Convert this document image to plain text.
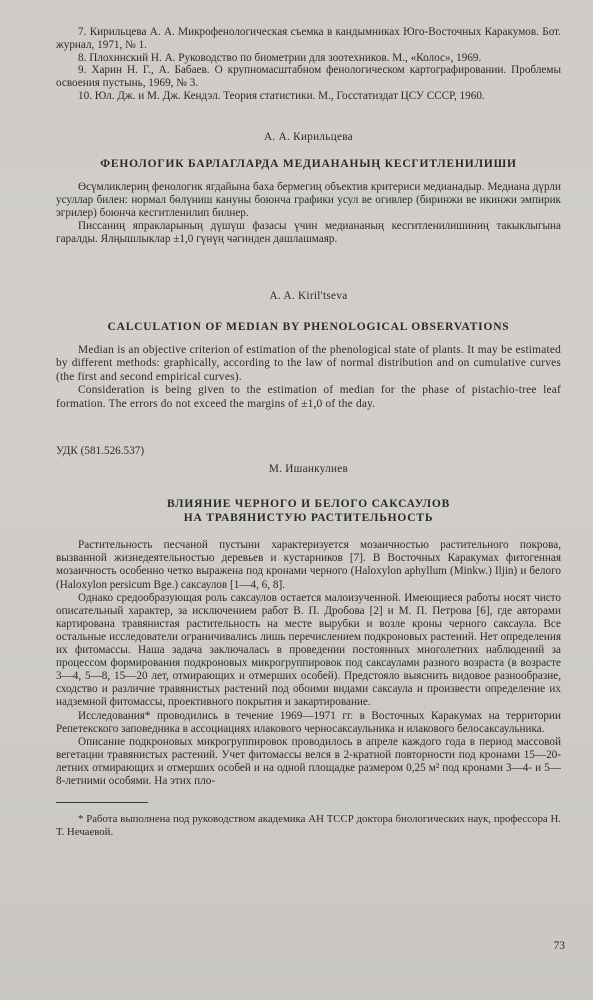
7. Кирильцева А. А. Микрофенологическая съемка в кандымниках Юго-Восточных Каракумов. Бот. журнал, 1971, № 1.

8. Плохинский Н. А. Руководство по биометрии для зоотехников. М., «Колос», 1969.

9. Харин Н. Г., А. Бабаев. О крупномасштабном фенологическом картографировании. Проблемы освоения пустынь, 1969, № 3.

10. Юл. Дж. и М. Дж. Кендэл. Теория статистики. М., Госстатиздат ЦСУ СССР, 1960.

А. А. Кирильцева

ФЕНОЛОГИК БАРЛАГЛАРДА МЕДИАНАНЫҢ КЕСГИТЛЕНИЛИШИ

Өсүмликлериң фенологик ягдайына баха бермегиң объектив критериси медианадыр. Медиана дүрли усуллар билен: нормал бөлүниш кануны боюнча графики усул ве огивлер (биринжи ве икинжи эмпирик эгрилер) боюнча кесгитленилип билнер.

Писсаниң япракларының дүшүш фазасы үчин медиананың кесгитленилишиниң такыклыгына гаралды. Ялңышлыклар ±1,0 гүнүң чәгинден дашлашмаяр.

A. A. Kiril'tseva

CALCULATION OF MEDIAN BY PHENOLOGICAL OBSERVATIONS

Median is an objective criterion of estimation of the phenological state of plants. It may be estimated by different methods: graphically, according to the law of normal distribution and on cumulative curves (the first and second empirical curves).

Consideration is being given to the estimation of median for the phase of pistachio-tree leaf formation. The errors do not exceed the margins of ±1,0 of the day.

УДК (581.526.537)

М. Ишанкулиев

ВЛИЯНИЕ ЧЕРНОГО И БЕЛОГО САКСАУЛОВ

НА ТРАВЯНИСТУЮ РАСТИТЕЛЬНОСТЬ

Растительность песчаной пустыни характеризуется мозаичностью растительного покрова, вызванной жизнедеятельностью деревьев и кустарников [7]. В Восточных Каракумах фитогенная мозаичность особенно четко выражена под кронами черного (Haloxylon aphyllum (Minkw.) Iljin) и белого (Haloxylon persicum Bge.) саксаулов [1—4, 6, 8].

Однако средообразующая роль саксаулов остается малоизученной. Имеющиеся работы носят чисто описательный характер, за исключением работ В. П. Дробова [2] и М. П. Петрова [6], где авторами картирована травянистая растительность на месте вырубки и возле кроны черного саксаула. Все остальные исследователи ограничивались лишь перечислением подкроновых растений. Нет определения их фитомассы. Наша задача заключалась в проведении постоянных многолетних наблюдений за процессом формирования подкроновых микрогруппировок под саксаулами разного возраста (в возрасте 3—4, 5—8, 15—20 лет, отмирающих и отмерших особей). Предстояло выяснить видовое разнообразие, сходство и различие травянистых растений под обоими видами саксаула и произвести определение их надземной фитомассы, проективного покрытия и закартирование.

Исследования* проводились в течение 1969—1971 гг. в Восточных Каракумах на территории Репетекского заповедника в ассоциациях илакового черносаксаульника и илакового белосаксаульника.

Описание подкроновых микрогруппировок проводилось в апреле каждого года в период массовой вегетации травянистых растений. Учет фитомассы велся в 2-кратной повторности под кронами 15—20-летних отмирающих и отмерших особей и на одной площадке размером 0,25 м² под кронами 3—4- и 5—8-летними особями. На этих пло-

* Работа выполнена под руководством академика АН ТССР доктора биологических наук, профессора Н. Т. Нечаевой.

73
